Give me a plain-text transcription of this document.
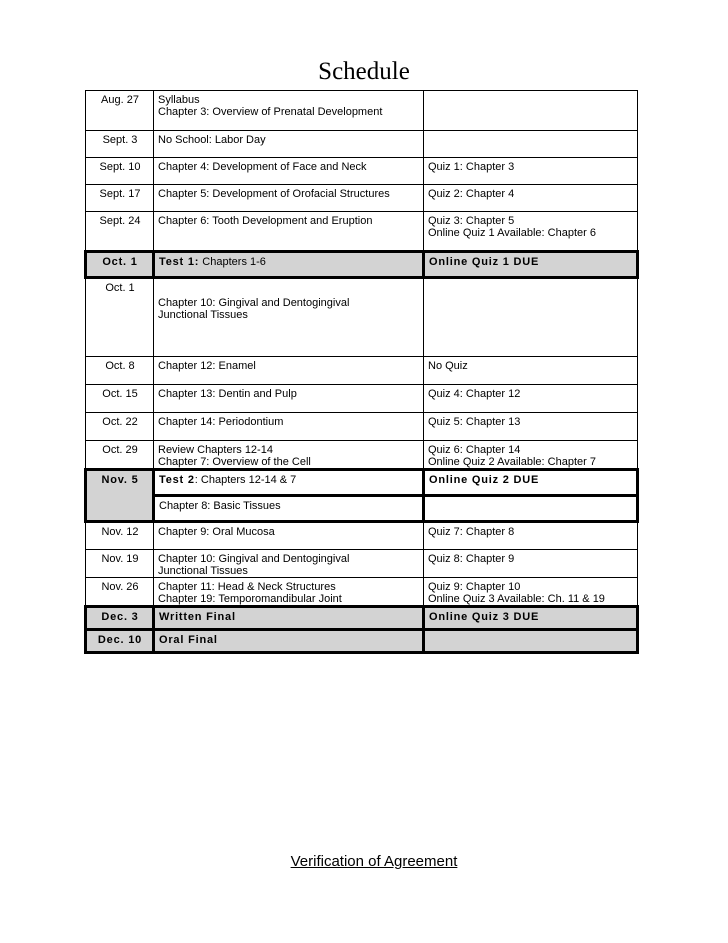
Schedule
Aug. 27	Syllabus
Chapter 3: Overview of Prenatal Development	

Sept. 3	No School: Labor Day	
Sept. 10	Chapter 4: Development of Face and Neck	Quiz 1: Chapter 3
Sept. 17	Chapter 5: Development of Orofacial Structures	Quiz 2: Chapter 4
Sept. 24	Chapter 6: Tooth Development and Eruption	Quiz 3: Chapter 5
Online Quiz 1 Available: Chapter 6

Oct. 1	Test 1: Chapters 1-6	Online Quiz 1 DUE
Oct. 1	Chapter 10: Gingival and Dentogingival
Junctional Tissues	

Oct. 8	Chapter 12: Enamel	No Quiz
Oct. 15	Chapter 13: Dentin and Pulp	Quiz 4: Chapter 12
Oct. 22	Chapter 14: Periodontium	Quiz 5: Chapter 13
Oct. 29	Review Chapters 12-14
Chapter 7: Overview of the Cell	Quiz 6: Chapter 14
Online Quiz 2 Available: Chapter 7

Nov. 5	Test 2: Chapters 12-14 & 7	Online Quiz 2 DUE
	Chapter 8: Basic Tissues	
Nov. 12	Chapter 9: Oral Mucosa	Quiz 7: Chapter 8
Nov. 19	Chapter 10: Gingival and Dentogingival
Junctional Tissues	Quiz 8: Chapter 9
Nov. 26	Chapter 11: Head & Neck Structures
Chapter 19: Temporomandibular Joint	Quiz 9: Chapter 10
Online Quiz 3 Available: Ch. 11 & 19

Dec. 3	Written Final	Online Quiz 3 DUE
Dec. 10	Oral Final	
Verification of Agreement
